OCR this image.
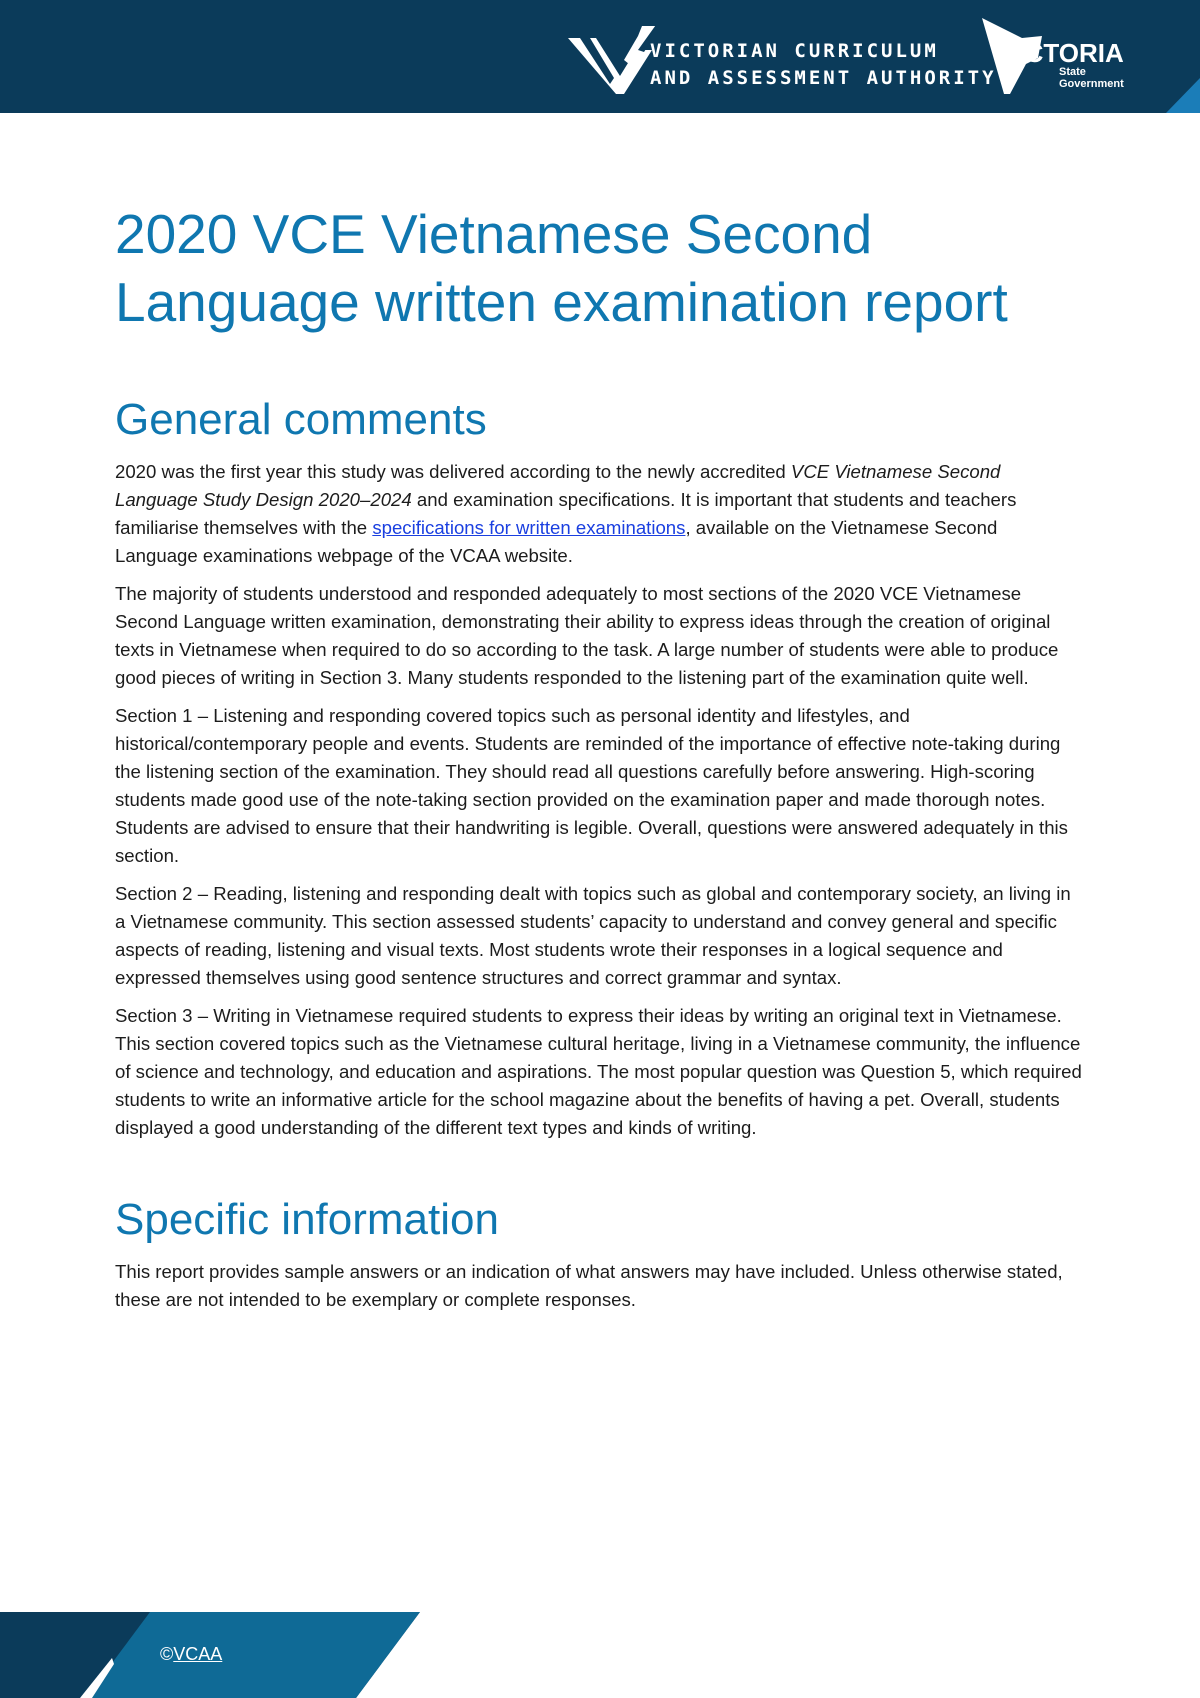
VICTORIAN CURRICULUM
AND ASSESSMENT AUTHORITY
VICTORIA
State
Government
2020 VCE Vietnamese Second Language written examination report
General comments

2020 was the first year this study was delivered according to the newly accredited VCE Vietnamese Second Language Study Design 2020–2024 and examination specifications. It is important that students and teachers familiarise themselves with the specifications for written examinations, available on the Vietnamese Second Language examinations webpage of the VCAA website.

The majority of students understood and responded adequately to most sections of the 2020 VCE Vietnamese Second Language written examination, demonstrating their ability to express ideas through the creation of original texts in Vietnamese when required to do so according to the task. A large number of students were able to produce good pieces of writing in Section 3. Many students responded to the listening part of the examination quite well.

Section 1 – Listening and responding covered topics such as personal identity and lifestyles, and historical/contemporary people and events. Students are reminded of the importance of effective note-taking during the listening section of the examination. They should read all questions carefully before answering. High-scoring students made good use of the note-taking section provided on the examination paper and made thorough notes. Students are advised to ensure that their handwriting is legible. Overall, questions were answered adequately in this section.

Section 2 – Reading, listening and responding dealt with topics such as global and contemporary society, an living in a Vietnamese community. This section assessed students’ capacity to understand and convey general and specific aspects of reading, listening and visual texts. Most students wrote their responses in a logical sequence and expressed themselves using good sentence structures and correct grammar and syntax.

Section 3 – Writing in Vietnamese required students to express their ideas by writing an original text in Vietnamese. This section covered topics such as the Vietnamese cultural heritage, living in a Vietnamese community, the influence of science and technology, and education and aspirations. The most popular question was Question 5, which required students to write an informative article for the school magazine about the benefits of having a pet. Overall, students displayed a good understanding of the different text types and kinds of writing.

Specific information

This report provides sample answers or an indication of what answers may have included. Unless otherwise stated, these are not intended to be exemplary or complete responses.

©VCAA
